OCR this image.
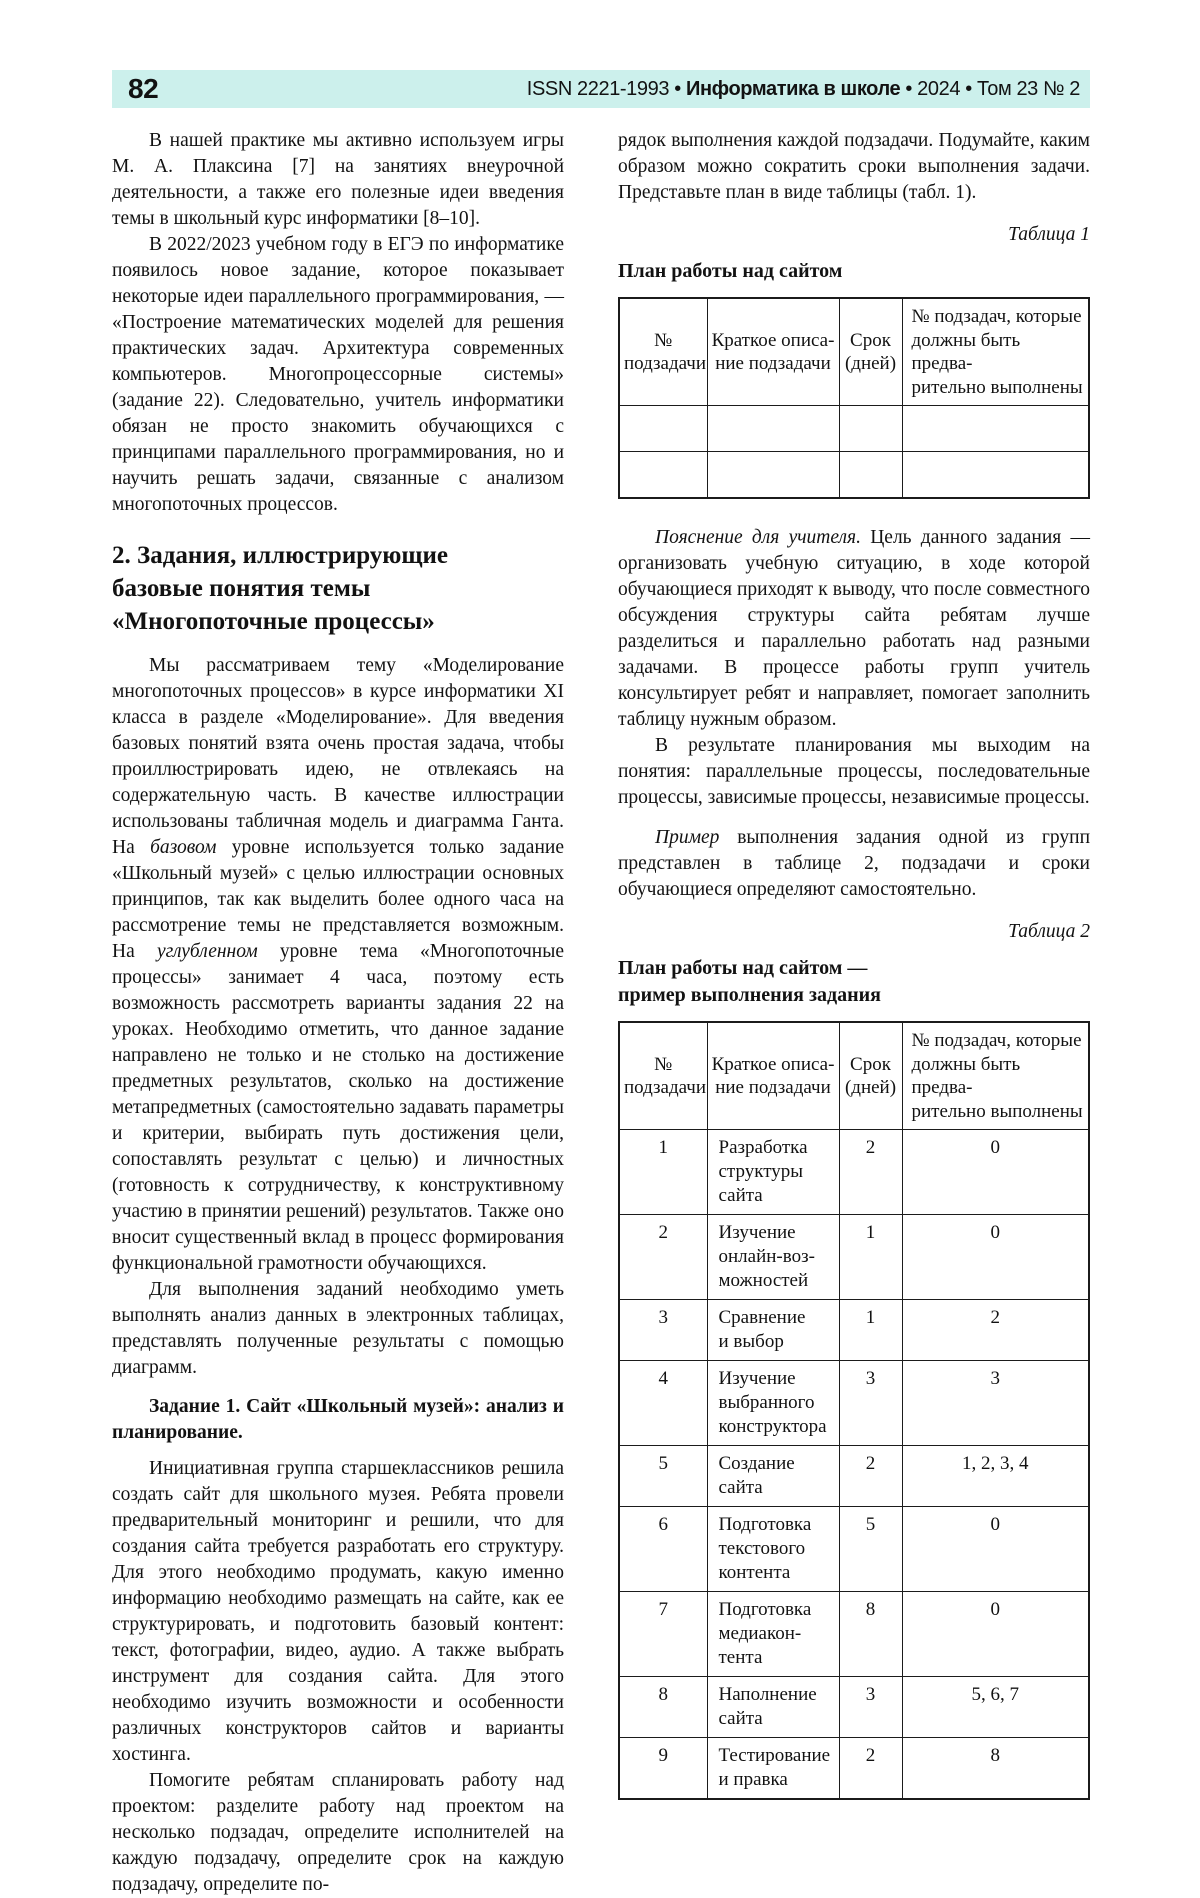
82	ISSN 2221-1993 • Информатика в школе • 2024 • Том 23 № 2

В нашей практике мы активно используем игры М. А. Плаксина [7] на занятиях внеурочной деятельности, а также его полезные идеи введения темы в школьный курс информатики [8–10].

В 2022/2023 учебном году в ЕГЭ по информатике появилось новое задание, которое показывает некоторые идеи параллельного программирования, — «Построение математических моделей для решения практических задач. Архитектура современных компьютеров. Многопроцессорные системы» (задание 22). Следовательно, учитель информатики обязан не просто знакомить обучающихся с принципами параллельного программирования, но и научить решать задачи, связанные с анализом многопоточных процессов.

2. Задания, иллюстрирующие
базовые понятия темы
«Многопоточные процессы»

Мы рассматриваем тему «Моделирование многопоточных процессов» в курсе информатики XI класса в разделе «Моделирование». Для введения базовых понятий взята очень простая задача, чтобы проиллюстрировать идею, не отвлекаясь на содержательную часть. В качестве иллюстрации использованы табличная модель и диаграмма Ганта. На базовом уровне используется только задание «Школьный музей» с целью иллюстрации основных принципов, так как выделить более одного часа на рассмотрение темы не представляется возможным. На углубленном уровне тема «Многопоточные процессы» занимает 4 часа, поэтому есть возможность рассмотреть варианты задания 22 на уроках. Необходимо отметить, что данное задание направлено не только и не столько на достижение предметных результатов, сколько на достижение метапредметных (самостоятельно задавать параметры и критерии, выбирать путь достижения цели, сопоставлять результат с целью) и личностных (готовность к сотрудничеству, к конструктивному участию в принятии решений) результатов. Также оно вносит существенный вклад в процесс формирования функциональной грамотности обучающихся.

Для выполнения заданий необходимо уметь выполнять анализ данных в электронных таблицах, представлять полученные результаты с помощью диаграмм.

Задание 1. Сайт «Школьный музей»: анализ и планирование.

Инициативная группа старшеклассников решила создать сайт для школьного музея. Ребята провели предварительный мониторинг и решили, что для создания сайта требуется разработать его структуру. Для этого необходимо продумать, какую именно информацию необходимо размещать на сайте, как ее структурировать, и подготовить базовый контент: текст, фотографии, видео, аудио. А также выбрать инструмент для создания сайта. Для этого необходимо изучить возможности и особенности различных конструкторов сайтов и варианты хостинга.

Помогите ребятам спланировать работу над проектом: разделите работу над проектом на несколько подзадач, определите исполнителей на каждую подзадачу, определите срок на каждую подзадачу, определите по-

рядок выполнения каждой подзадачи. Подумайте, каким образом можно сократить сроки выполнения задачи. Представьте план в виде таблицы (табл. 1).

Таблица 1
План работы над сайтом
№
подзадачи	Краткое описа-
ние подзадачи	Срок
(дней)	№ подзадач, которые
должны быть предва-
рительно выполнены

Пояснение для учителя. Цель данного задания — организовать учебную ситуацию, в ходе которой обучающиеся приходят к выводу, что после совместного обсуждения структуры сайта ребятам лучше разделиться и параллельно работать над разными задачами. В процессе работы групп учитель консультирует ребят и направляет, помогает заполнить таблицу нужным образом.

В результате планирования мы выходим на понятия: параллельные процессы, последовательные процессы, зависимые процессы, независимые процессы.

Пример выполнения задания одной из групп представлен в таблице 2, подзадачи и сроки обучающиеся определяют самостоятельно.

Таблица 2
План работы над сайтом —
пример выполнения задания
№
подзадачи	Краткое описа-
ние подзадачи	Срок
(дней)	№ подзадач, которые
должны быть предва-
рительно выполнены
1	Разработка
структуры
сайта	2	0
2	Изучение
онлайн-воз-
можностей	1	0
3	Сравнение
и выбор	1	2
4	Изучение
выбранного
конструктора	3	3
5	Создание
сайта	2	1, 2, 3, 4
6	Подготовка
текстового
контента	5	0
7	Подготовка
медиакон-
тента	8	0
8	Наполнение
сайта	3	5, 6, 7
9	Тестирование
и правка	2	8
